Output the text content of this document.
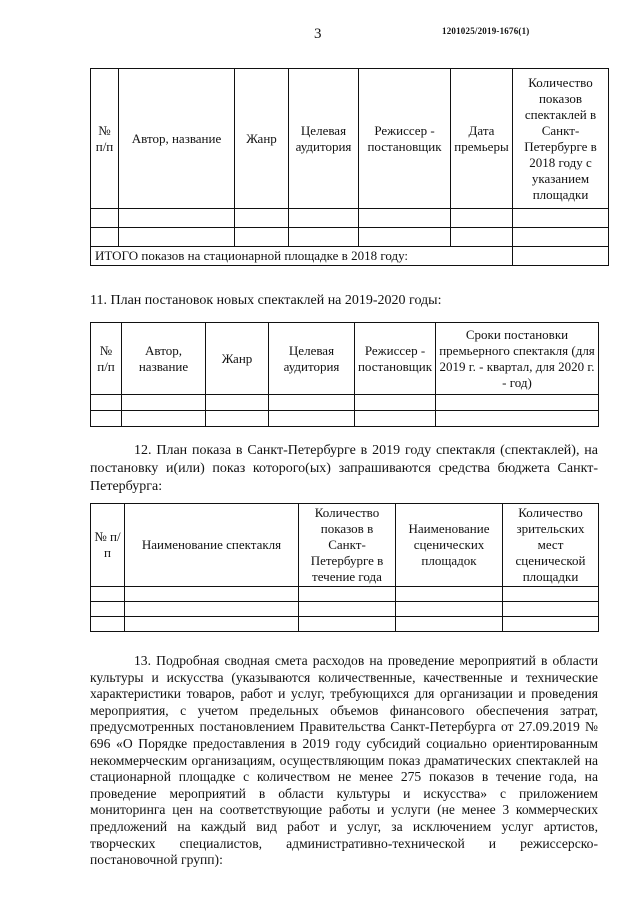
3	1201025/2019-1676(1)
№ п/п	Автор, название	Жанр	Целевая аудитория	Режиссер - постановщик	Дата премьеры	Количество показов спектаклей в Санкт-Петербурге в 2018 году с указанием площадки

ИТОГО показов на стационарной площадке в 2018 году:						
11. План постановок новых спектаклей на 2019-2020 годы:
№ п/п	Автор, название	Жанр	Целевая аудитория	Режиссер - постановщик	Сроки постановки премьерного спектакля (для 2019 г. - квартал, для 2020 г. - год)

12. План показа в Санкт-Петербурге в 2019 году спектакля (спектаклей), на постановку и(или) показ которого(ых) запрашиваются средства бюджета Санкт-Петербурга:
№ п/п	Наименование спектакля	Количество показов в Санкт-Петербурге в течение года	Наименование сценических площадок	Количество зрительских мест сценической площадки

13. Подробная сводная смета расходов на проведение мероприятий в области культуры и искусства (указываются количественные, качественные и технические характеристики товаров, работ и услуг, требующихся для организации и проведения мероприятия, с учетом предельных объемов финансового обеспечения затрат, предусмотренных постановлением Правительства Санкт-Петербурга от 27.09.2019 № 696 «О Порядке предоставления в 2019 году субсидий социально ориентированным некоммерческим организациям, осуществляющим показ драматических спектаклей на стационарной площадке с количеством не менее 275 показов в течение года, на проведение мероприятий в области культуры и искусства» с приложением мониторинга цен на соответствующие работы и услуги (не менее 3 коммерческих предложений на каждый вид работ и услуг, за исключением услуг артистов, творческих специалистов, административно-технической и режиссерско-постановочной групп):
